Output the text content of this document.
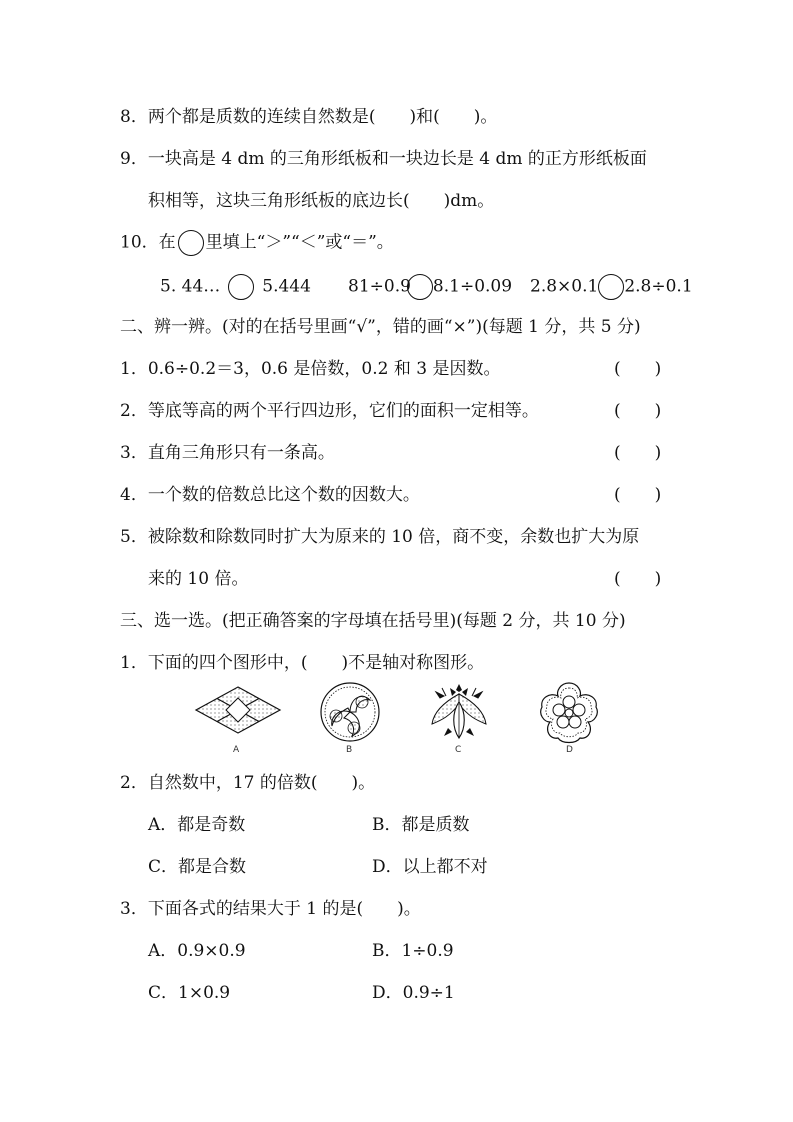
8．两个都是质数的连续自然数是(　　)和(　　)。
9．一块高是 4 dm 的三角形纸板和一块边长是 4 dm 的正方形纸板面
积相等，这块三角形纸板的底边长(　　)dm。
10．在 里填上“＞”“＜”或“＝”。
5. 44… 5.444 81÷0.9 8.1÷0.09 2.8×0.1 2.8÷0.1
二、辨一辨。(对的在括号里画“√”，错的画“×”)(每题 1 分，共 5 分)
1．0.6÷0.2＝3，0.6 是倍数，0.2 和 3 是因数。	(　　)
2．等底等高的两个平行四边形，它们的面积一定相等。	(　　)
3．直角三角形只有一条高。	(　　)
4．一个数的倍数总比这个数的因数大。	(　　)
5．被除数和除数同时扩大为原来的 10 倍，商不变，余数也扩大为原
来的 10 倍。	(　　)
三、选一选。(把正确答案的字母填在括号里)(每题 2 分，共 10 分)
1．下面的四个图形中，(　　)不是轴对称图形。
A	B	C	D
2．自然数中，17 的倍数(　　)。
A．都是奇数	B．都是质数
C．都是合数	D．以上都不对
3．下面各式的结果大于 1 的是(　　)。
A．0.9×0.9	B．1÷0.9
C．1×0.9	D．0.9÷1
